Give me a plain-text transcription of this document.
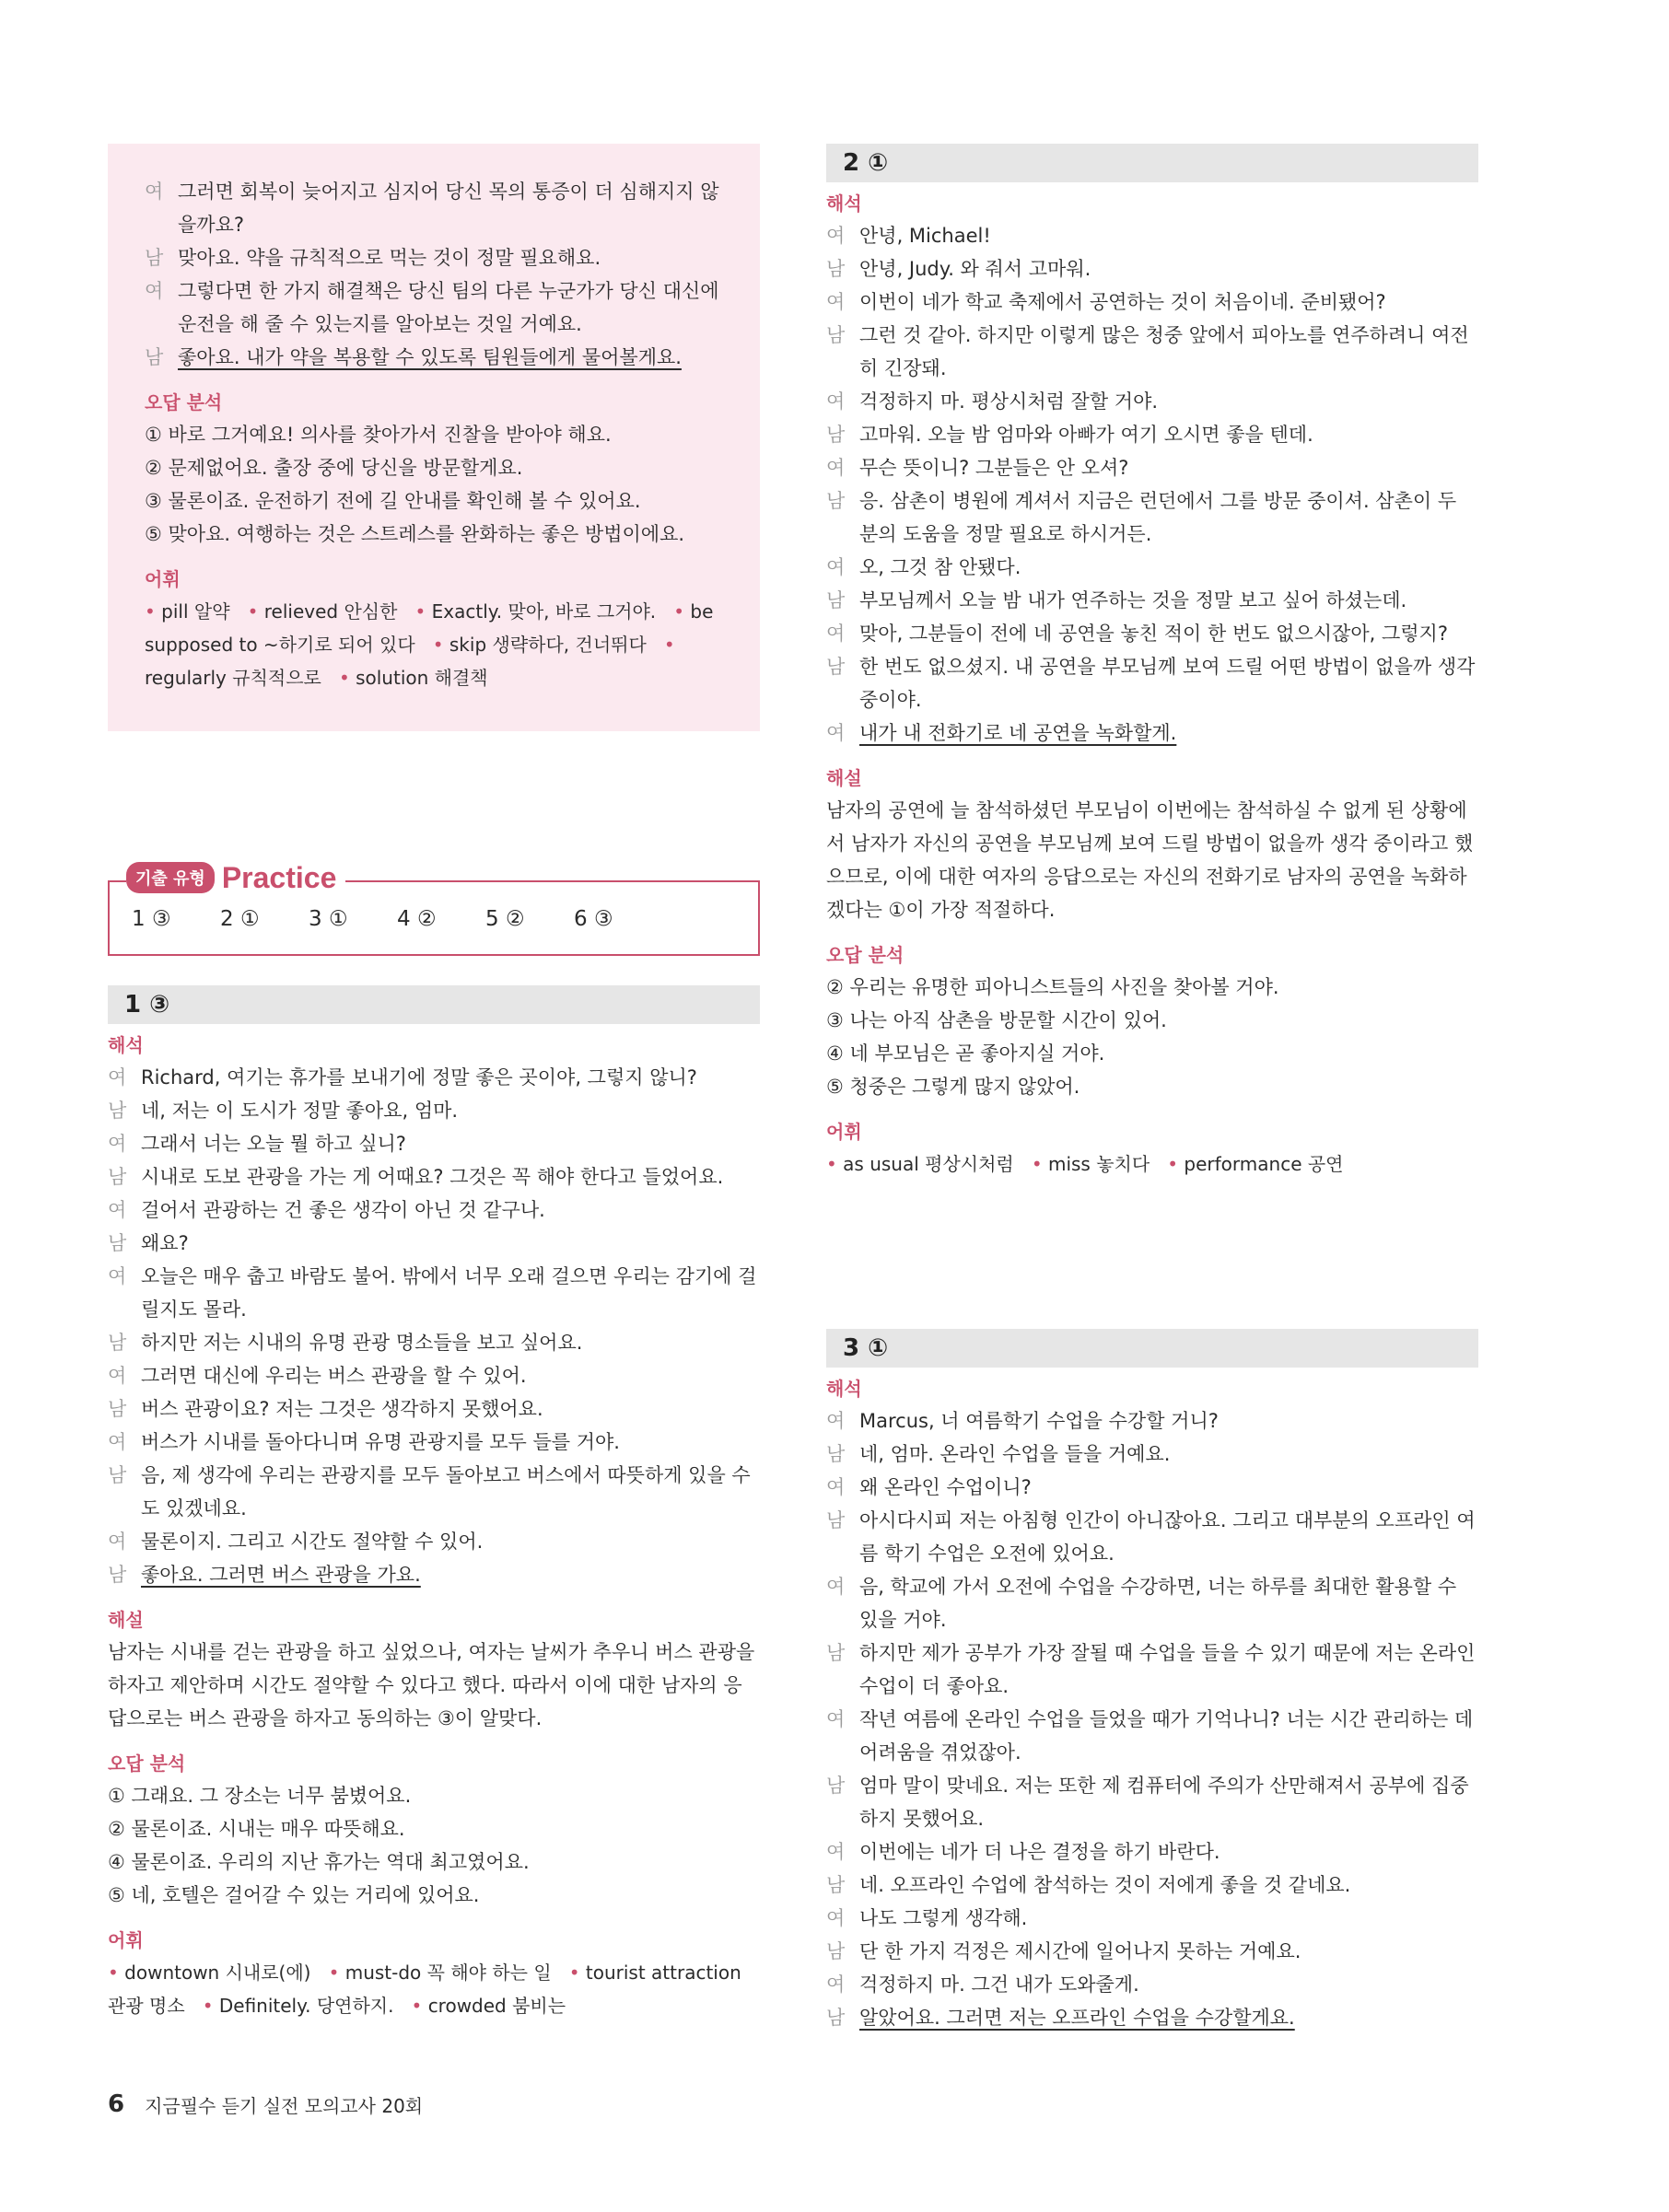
여 그러면 회복이 늦어지고 심지어 당신 목의 통증이 더 심해지지 않을까요?
남 맞아요. 약을 규칙적으로 먹는 것이 정말 필요해요.
여 그렇다면 한 가지 해결책은 당신 팀의 다른 누군가가 당신 대신에 운전을 해 줄 수 있는지를 알아보는 것일 거예요.
남 좋아요. 내가 약을 복용할 수 있도록 팀원들에게 물어볼게요.
오답 분석
① 바로 그거예요! 의사를 찾아가서 진찰을 받아야 해요.
② 문제없어요. 출장 중에 당신을 방문할게요.
③ 물론이죠. 운전하기 전에 길 안내를 확인해 볼 수 있어요.
⑤ 맞아요. 여행하는 것은 스트레스를 완화하는 좋은 방법이에요.
어휘
• pill 알약 • relieved 안심한 • Exactly. 맞아, 바로 그거야. • be supposed to ~하기로 되어 있다 • skip 생략하다, 건너뛰다   • regularly 규칙적으로 • solution 해결책
기출 유형 Practice
1 ③	2 ①	3 ①	4 ②	5 ②	6 ③
1 ③
해석
여 Richard, 여기는 휴가를 보내기에 정말 좋은 곳이야, 그렇지 않니?
남 네, 저는 이 도시가 정말 좋아요, 엄마.
여 그래서 너는 오늘 뭘 하고 싶니?
남 시내로 도보 관광을 가는 게 어때요? 그것은 꼭 해야 한다고 들었어요.
여 걸어서 관광하는 건 좋은 생각이 아닌 것 같구나.
남 왜요?
여 오늘은 매우 춥고 바람도 불어. 밖에서 너무 오래 걸으면 우리는 감기에 걸릴지도 몰라.
남 하지만 저는 시내의 유명 관광 명소들을 보고 싶어요.
여 그러면 대신에 우리는 버스 관광을 할 수 있어.
남 버스 관광이요? 저는 그것은 생각하지 못했어요.
여 버스가 시내를 돌아다니며 유명 관광지를 모두 들를 거야.
남 음, 제 생각에 우리는 관광지를 모두 돌아보고 버스에서 따뜻하게 있을 수도 있겠네요.
여 물론이지. 그리고 시간도 절약할 수 있어.
남 좋아요. 그러면 버스 관광을 가요.
해설
남자는 시내를 걷는 관광을 하고 싶었으나, 여자는 날씨가 추우니 버스 관광을 하자고 제안하며 시간도 절약할 수 있다고 했다. 따라서 이에 대한 남자의 응답으로는 버스 관광을 하자고 동의하는 ③이 알맞다.
오답 분석
① 그래요. 그 장소는 너무 붐볐어요.
② 물론이죠. 시내는 매우 따뜻해요.
④ 물론이죠. 우리의 지난 휴가는 역대 최고였어요.
⑤ 네, 호텔은 걸어갈 수 있는 거리에 있어요.
어휘
• downtown 시내로(에) • must-do 꼭 해야 하는 일 • tourist attraction 관광 명소 • Definitely. 당연하지. • crowded 붐비는
2 ①
해석
여 안녕, Michael!
남 안녕, Judy. 와 줘서 고마워.
여 이번이 네가 학교 축제에서 공연하는 것이 처음이네. 준비됐어?
남 그런 것 같아. 하지만 이렇게 많은 청중 앞에서 피아노를 연주하려니 여전히 긴장돼.
여 걱정하지 마. 평상시처럼 잘할 거야.
남 고마워. 오늘 밤 엄마와 아빠가 여기 오시면 좋을 텐데.
여 무슨 뜻이니? 그분들은 안 오셔?
남 응. 삼촌이 병원에 계셔서 지금은 런던에서 그를 방문 중이셔. 삼촌이 두 분의 도움을 정말 필요로 하시거든.
여 오, 그것 참 안됐다.
남 부모님께서 오늘 밤 내가 연주하는 것을 정말 보고 싶어 하셨는데.
여 맞아, 그분들이 전에 네 공연을 놓친 적이 한 번도 없으시잖아, 그렇지?
남 한 번도 없으셨지. 내 공연을 부모님께 보여 드릴 어떤 방법이 없을까 생각 중이야.
여 내가 내 전화기로 네 공연을 녹화할게.
해설
남자의 공연에 늘 참석하셨던 부모님이 이번에는 참석하실 수 없게 된 상황에서 남자가 자신의 공연을 부모님께 보여 드릴 방법이 없을까 생각 중이라고 했으므로, 이에 대한 여자의 응답으로는 자신의 전화기로 남자의 공연을 녹화하겠다는 ①이 가장 적절하다.
오답 분석
② 우리는 유명한 피아니스트들의 사진을 찾아볼 거야.
③ 나는 아직 삼촌을 방문할 시간이 있어.
④ 네 부모님은 곧 좋아지실 거야.
⑤ 청중은 그렇게 많지 않았어.
어휘
• as usual 평상시처럼 • miss 놓치다 • performance 공연
3 ①
해석
여 Marcus, 너 여름학기 수업을 수강할 거니?
남 네, 엄마. 온라인 수업을 들을 거예요.
여 왜 온라인 수업이니?
남 아시다시피 저는 아침형 인간이 아니잖아요. 그리고 대부분의 오프라인 여름 학기 수업은 오전에 있어요.
여 음, 학교에 가서 오전에 수업을 수강하면, 너는 하루를 최대한 활용할 수 있을 거야.
남 하지만 제가 공부가 가장 잘될 때 수업을 들을 수 있기 때문에 저는 온라인 수업이 더 좋아요.
여 작년 여름에 온라인 수업을 들었을 때가 기억나니? 너는 시간 관리하는 데 어려움을 겪었잖아.
남 엄마 말이 맞네요. 저는 또한 제 컴퓨터에 주의가 산만해져서 공부에 집중하지 못했어요.
여 이번에는 네가 더 나은 결정을 하기 바란다.
남 네. 오프라인 수업에 참석하는 것이 저에게 좋을 것 같네요.
여 나도 그렇게 생각해.
남 단 한 가지 걱정은 제시간에 일어나지 못하는 거예요.
여 걱정하지 마. 그건 내가 도와줄게.
남 알았어요. 그러면 저는 오프라인 수업을 수강할게요.
6 지금필수 듣기 실전 모의고사 20회
